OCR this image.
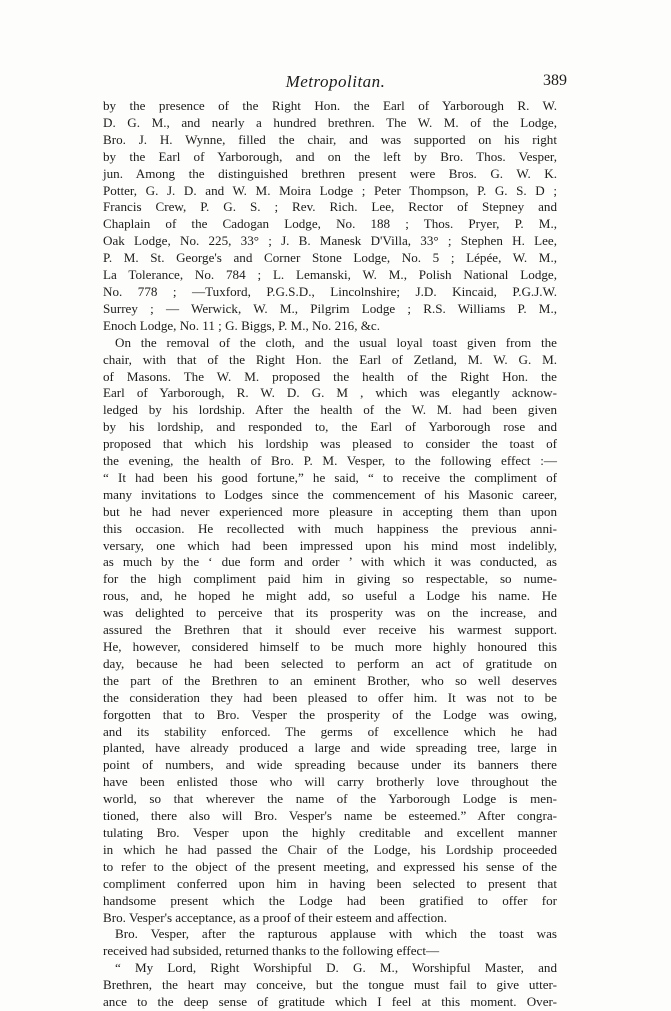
Metropolitan.	389
by the presence of the Right Hon. the Earl of Yarborough R. W.
D. G. M., and nearly a hundred brethren. The W. M. of the Lodge,
Bro. J. H. Wynne, filled the chair, and was supported on his right
by the Earl of Yarborough, and on the left by Bro. Thos. Vesper,
jun. Among the distinguished brethren present were Bros. G. W. K.
Potter, G. J. D. and W. M. Moira Lodge ; Peter Thompson, P. G. S. D ;
Francis Crew, P. G. S. ; Rev. Rich. Lee, Rector of Stepney and
Chaplain of the Cadogan Lodge, No. 188 ; Thos. Pryer, P. M.,
Oak Lodge, No. 225, 33° ; J. B. Manesk D'Villa, 33° ; Stephen H. Lee,
P. M. St. George's and Corner Stone Lodge, No. 5 ; Lépée, W. M.,
La Tolerance, No. 784 ; L. Lemanski, W. M., Polish National Lodge,
No. 778 ; —Tuxford, P.G.S.D., Lincolnshire; J.D. Kincaid, P.G.J.W.
Surrey ; — Werwick, W. M., Pilgrim Lodge ; R.S. Williams P. M.,
Enoch Lodge, No. 11 ; G. Biggs, P. M., No. 216, &c.
On the removal of the cloth, and the usual loyal toast given from the
chair, with that of the Right Hon. the Earl of Zetland, M. W. G. M.
of Masons. The W. M. proposed the health of the Right Hon. the
Earl of Yarborough, R. W. D. G. M , which was elegantly acknow-
ledged by his lordship. After the health of the W. M. had been given
by his lordship, and responded to, the Earl of Yarborough rose and
proposed that which his lordship was pleased to consider the toast of
the evening, the health of Bro. P. M. Vesper, to the following effect :—
“ It had been his good fortune,” he said, “ to receive the compliment of
many invitations to Lodges since the commencement of his Masonic career,
but he had never experienced more pleasure in accepting them than upon
this occasion. He recollected with much happiness the previous anni-
versary, one which had been impressed upon his mind most indelibly,
as much by the ‘ due form and order ’ with which it was conducted, as
for the high compliment paid him in giving so respectable, so nume-
rous, and, he hoped he might add, so useful a Lodge his name. He
was delighted to perceive that its prosperity was on the increase, and
assured the Brethren that it should ever receive his warmest support.
He, however, considered himself to be much more highly honoured this
day, because he had been selected to perform an act of gratitude on
the part of the Brethren to an eminent Brother, who so well deserves
the consideration they had been pleased to offer him. It was not to be
forgotten that to Bro. Vesper the prosperity of the Lodge was owing,
and its stability enforced. The germs of excellence which he had
planted, have already produced a large and wide spreading tree, large in
point of numbers, and wide spreading because under its banners there
have been enlisted those who will carry brotherly love throughout the
world, so that wherever the name of the Yarborough Lodge is men-
tioned, there also will Bro. Vesper's name be esteemed.” After congra-
tulating Bro. Vesper upon the highly creditable and excellent manner
in which he had passed the Chair of the Lodge, his Lordship proceeded
to refer to the object of the present meeting, and expressed his sense of the
compliment conferred upon him in having been selected to present that
handsome present which the Lodge had been gratified to offer for
Bro. Vesper's acceptance, as a proof of their esteem and affection.
Bro. Vesper, after the rapturous applause with which the toast was
received had subsided, returned thanks to the following effect—
“ My Lord, Right Worshipful D. G. M., Worshipful Master, and
Brethren, the heart may conceive, but the tongue must fail to give utter-
ance to the deep sense of gratitude which I feel at this moment. Over-
